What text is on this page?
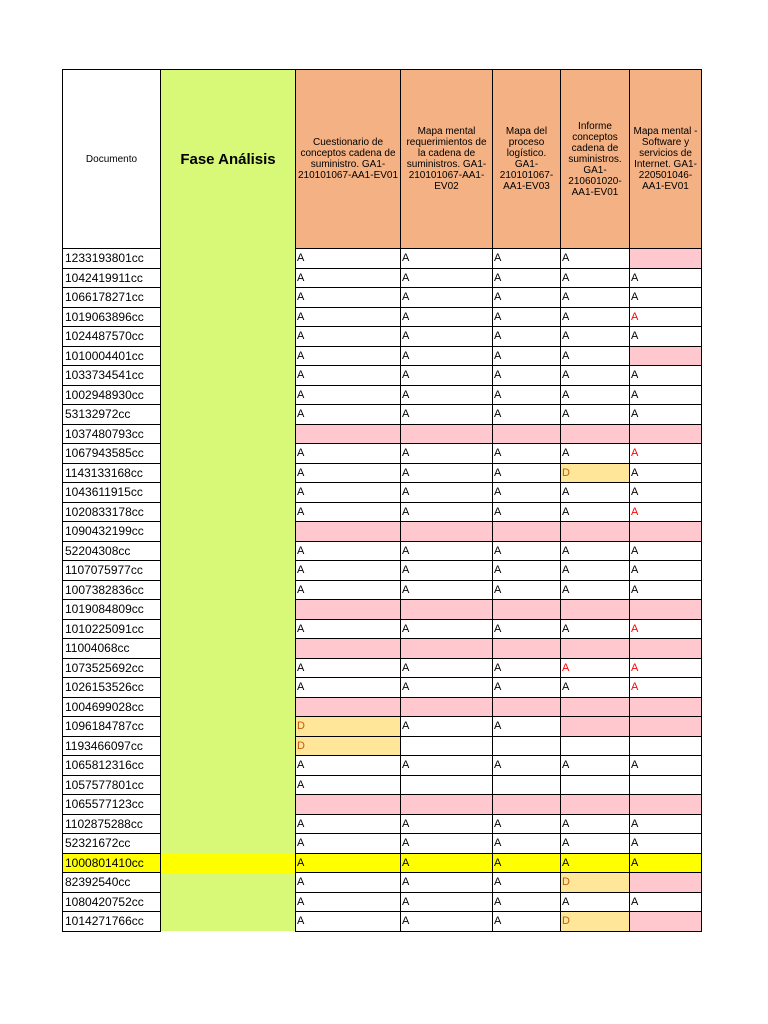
Documento	Fase Análisis	Cuestionario de conceptos cadena de suministro. GA1-210101067-AA1-EV01	Mapa mental requerimientos de la cadena de suministros. GA1-210101067-AA1-EV02	Mapa del proceso logístico. GA1-210101067-AA1-EV03	Informe conceptos cadena de suministros. GA1-210601020-AA1-EV01	Mapa mental - Software y servicios de Internet. GA1-220501046-AA1-EV01
1233193801cc		A	A	A	A	
1042419911cc		A	A	A	A	A
1066178271cc		A	A	A	A	A
1019063896cc		A	A	A	A	A
1024487570cc		A	A	A	A	A
1010004401cc		A	A	A	A	
1033734541cc		A	A	A	A	A
1002948930cc		A	A	A	A	A
53132972cc		A	A	A	A	A
1037480793cc						
1067943585cc		A	A	A	A	A
1143133168cc		A	A	A	D	A
1043611915cc		A	A	A	A	A
1020833178cc		A	A	A	A	A
1090432199cc						
52204308cc		A	A	A	A	A
1107075977cc		A	A	A	A	A
1007382836cc		A	A	A	A	A
1019084809cc						
1010225091cc		A	A	A	A	A
11004068cc						
1073525692cc		A	A	A	A	A
1026153526cc		A	A	A	A	A
1004699028cc						
1096184787cc		D	A	A		
1193466097cc		D				
1065812316cc		A	A	A	A	A
1057577801cc		A				
1065577123cc						
1102875288cc		A	A	A	A	A
52321672cc		A	A	A	A	A
1000801410cc		A	A	A	A	A
82392540cc		A	A	A	D	
1080420752cc		A	A	A	A	A
1014271766cc		A	A	A	D	
